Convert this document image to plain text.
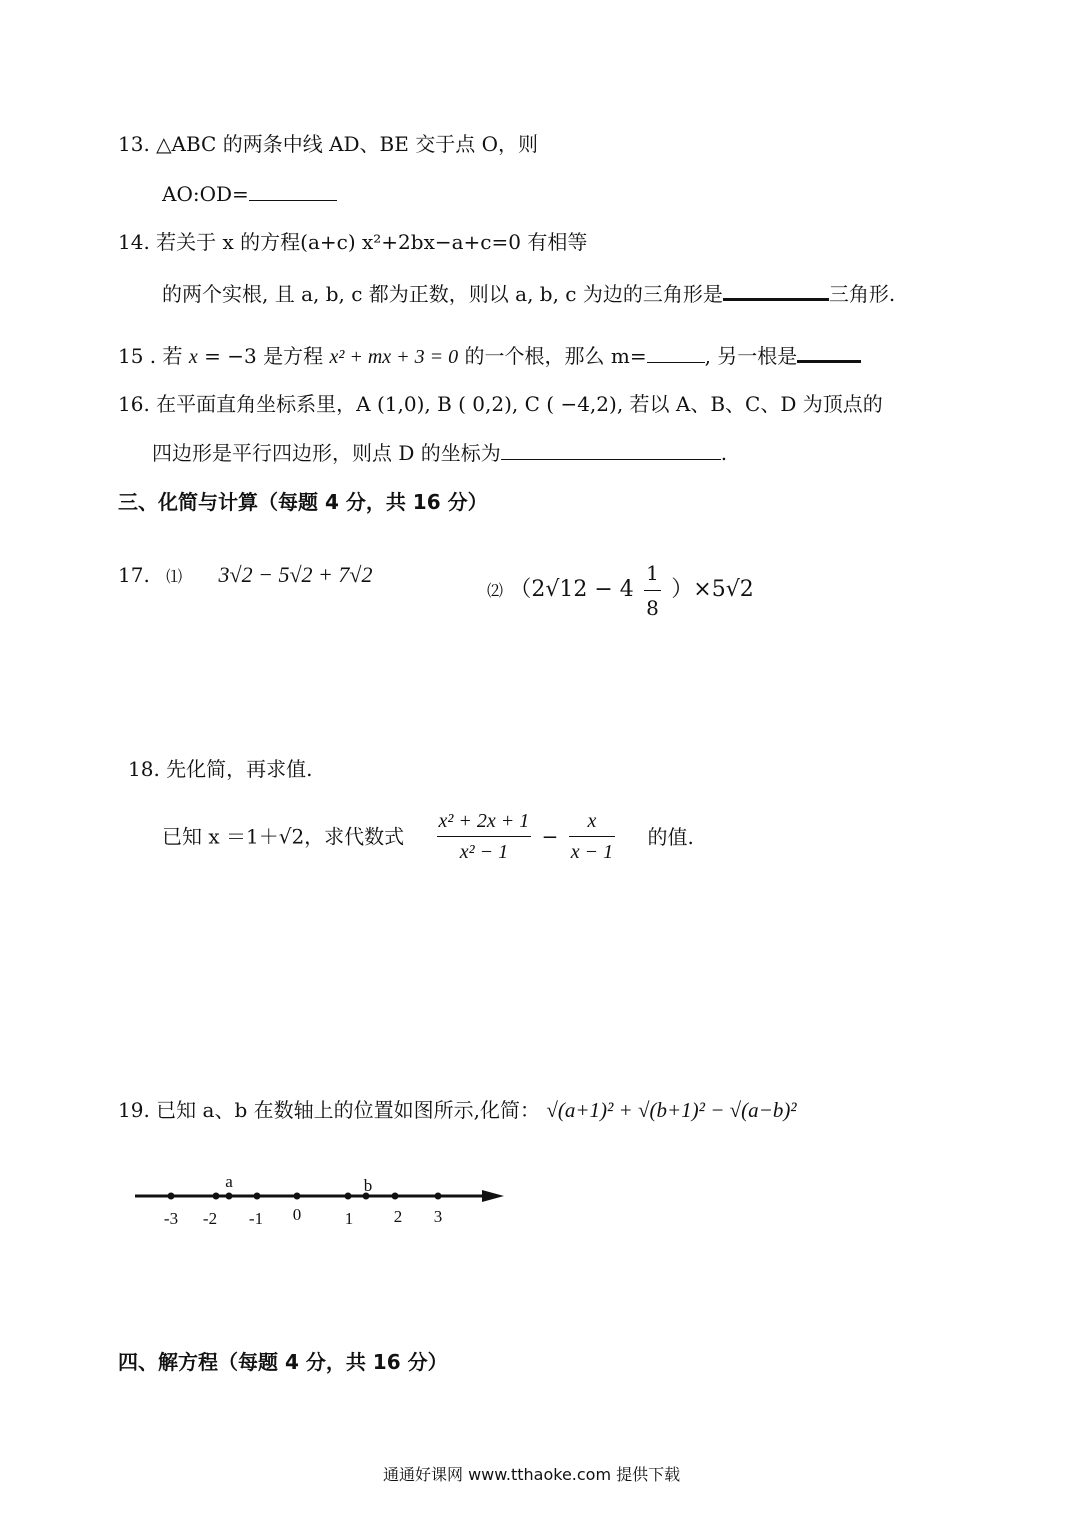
13. △ABC 的两条中线 AD、BE 交于点 O，则
AO:OD=
14. 若关于 x 的方程(a+c) x²+2bx−a+c=0 有相等
的两个实根, 且 a, b, c 都为正数，则以 a, b, c 为边的三角形是	三角形.
15 . 若 x = −3 是方程 x² + mx + 3 = 0 的一个根，那么 m=	, 另一根是
16. 在平面直角坐标系里，A (1,0), B ( 0,2), C ( −4,2), 若以 A、B、C、D 为顶点的
四边形是平行四边形，则点 D 的坐标为	.
三、化简与计算（每题 4 分，共 16 分）
17. ⑴ 3√2 − 5√2 + 7√2
⑵ $(2√12 - 4 \frac{1}{8} )\times 5√2$
18. 先化简，再求值.
已知 x ＝1＋√2，求代数式 $\frac{\text{x² + 2x + 1}}{\text{x² − 1}} - \frac{x}{x - 1}$ 的值.
19. 已知 a、b 在数轴上的位置如图所示,化简： √(a+1)² + √(b+1)² − √(a−b)²
a	b
-3 -2 -1 0	1 2 3
四、解方程（每题 4 分，共 16 分）
通通好课网 www.tthaoke.com 提供下载
